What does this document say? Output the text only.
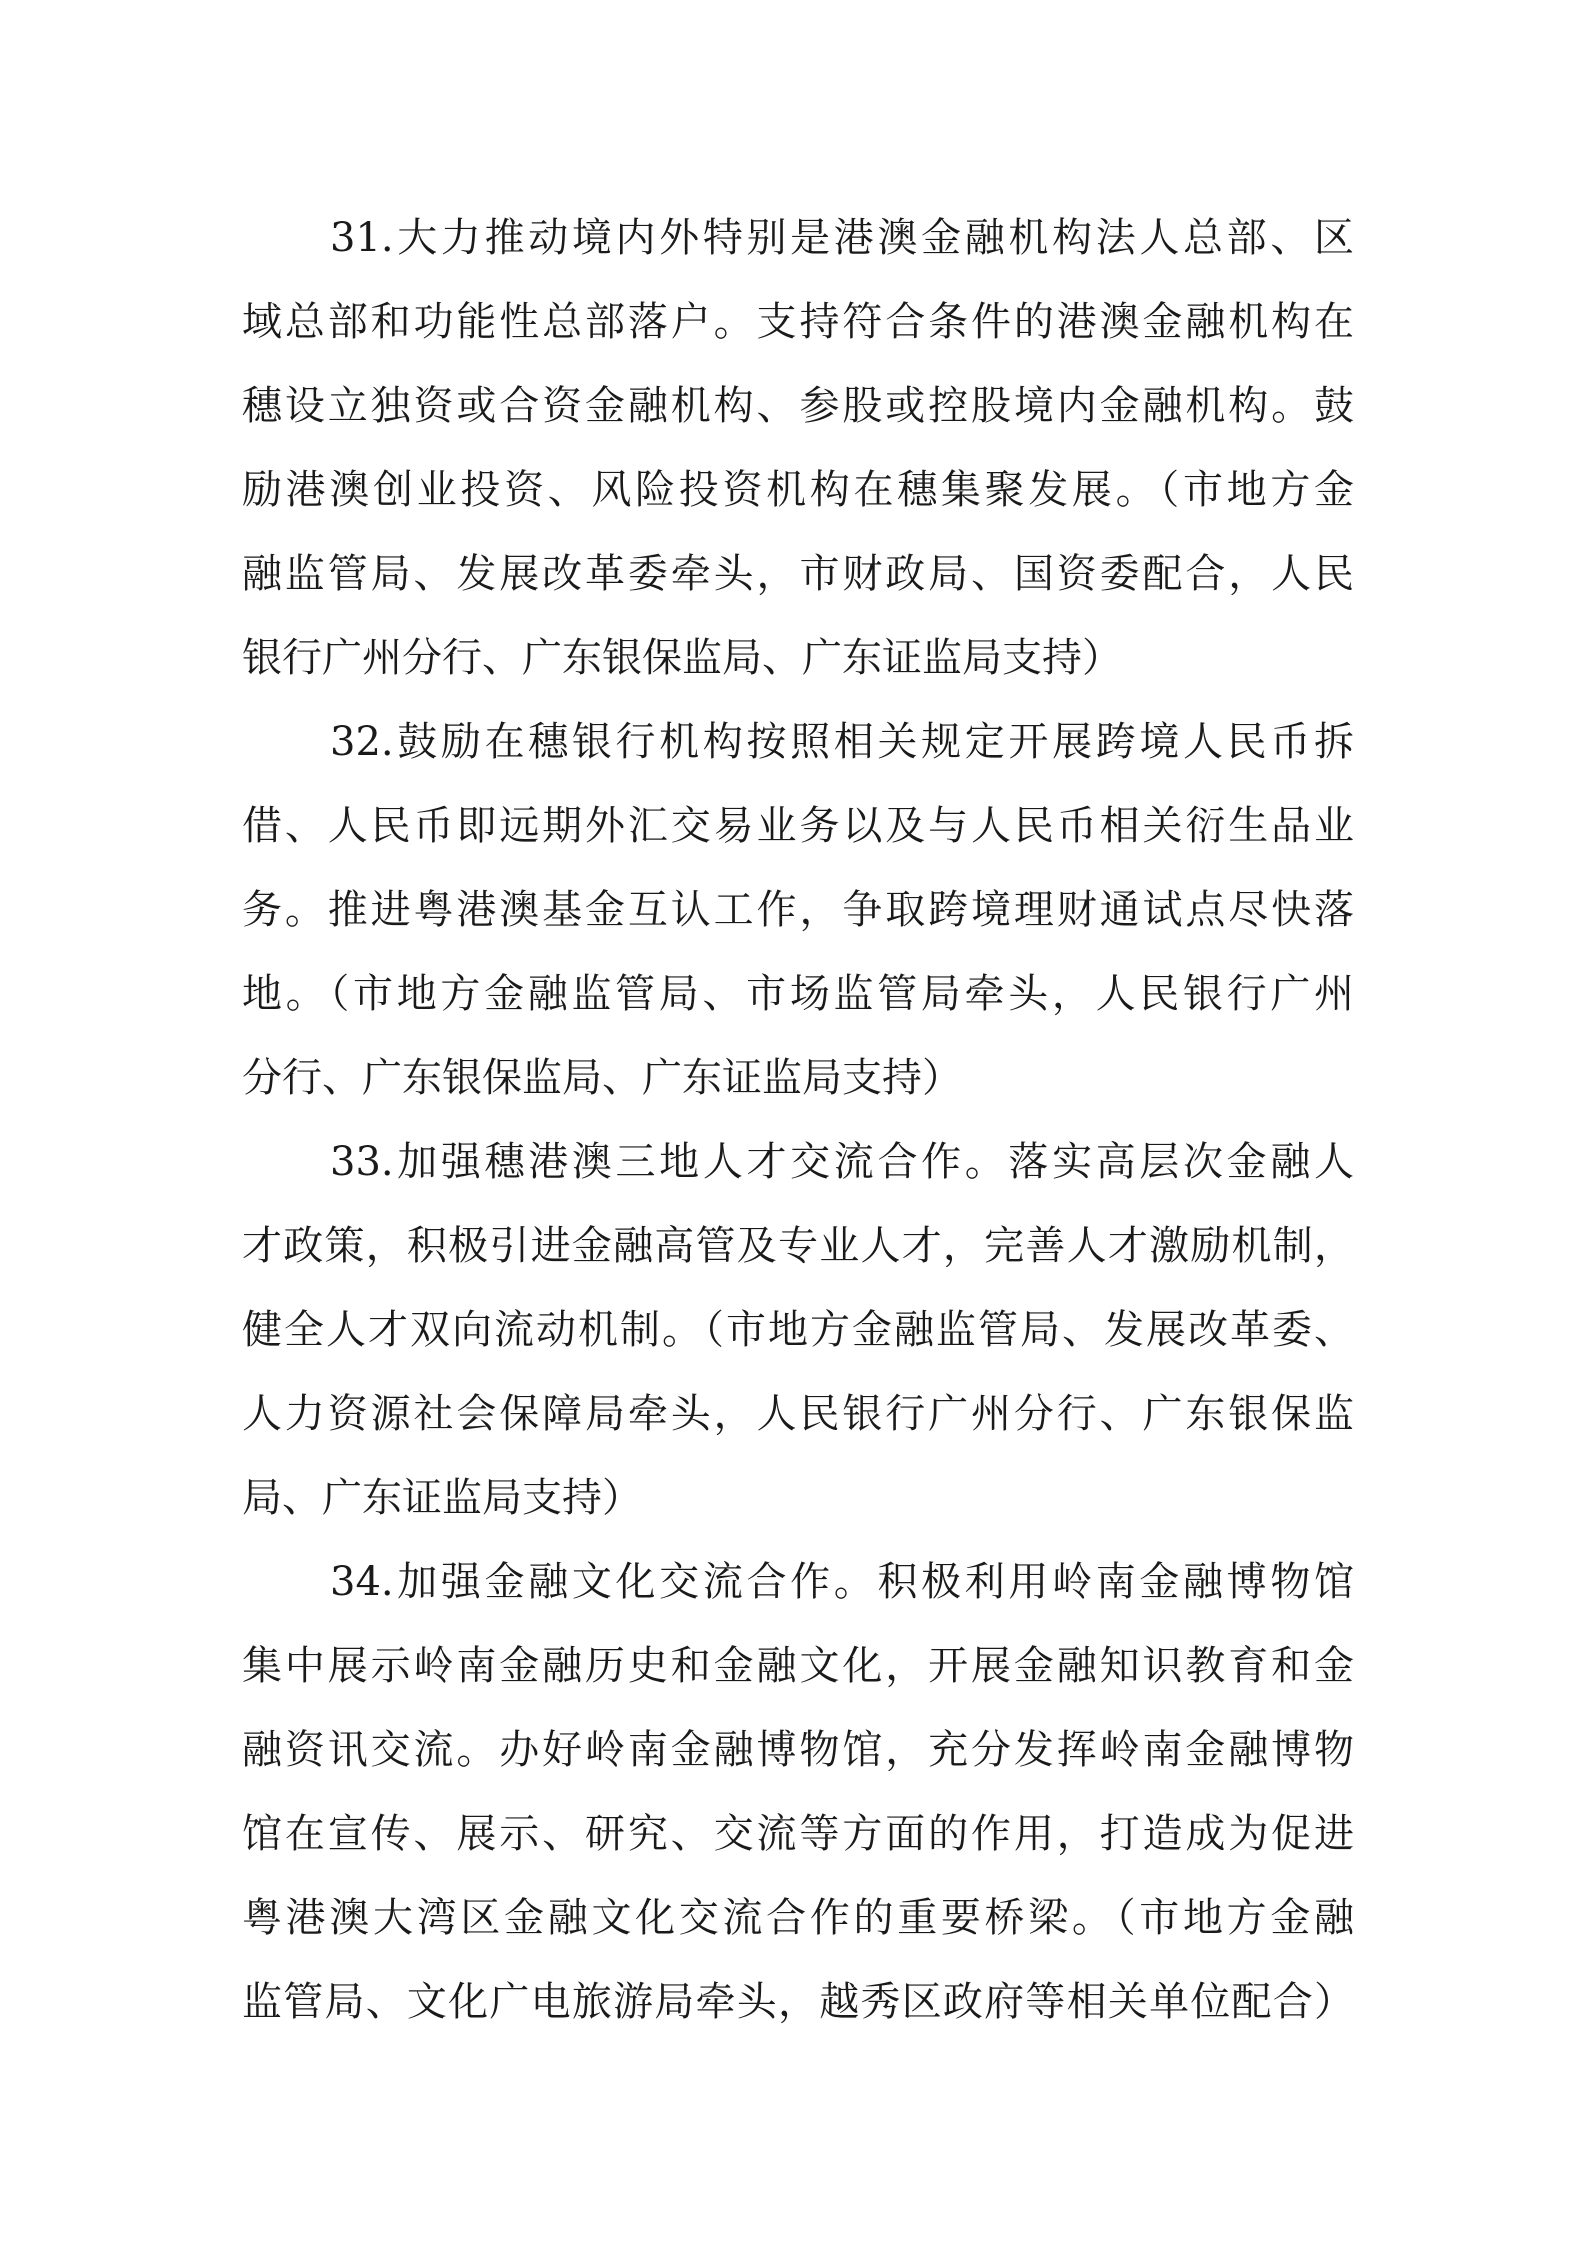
31.大力推动境内外特别是港澳金融机构法人总部、区
域总部和功能性总部落户。支持符合条件的港澳金融机构在
穗设立独资或合资金融机构、参股或控股境内金融机构。鼓
励港澳创业投资、风险投资机构在穗集聚发展。（市地方金
融监管局、发展改革委牵头，市财政局、国资委配合，人民
银行广州分行、广东银保监局、广东证监局支持）
32.鼓励在穗银行机构按照相关规定开展跨境人民币拆
借、人民币即远期外汇交易业务以及与人民币相关衍生品业
务。推进粤港澳基金互认工作，争取跨境理财通试点尽快落
地。（市地方金融监管局、市场监管局牵头，人民银行广州
分行、广东银保监局、广东证监局支持）
33.加强穗港澳三地人才交流合作。落实高层次金融人
才政策，积极引进金融高管及专业人才，完善人才激励机制，
健全人才双向流动机制。（市地方金融监管局、发展改革委、
人力资源社会保障局牵头，人民银行广州分行、广东银保监
局、广东证监局支持）
34.加强金融文化交流合作。积极利用岭南金融博物馆
集中展示岭南金融历史和金融文化，开展金融知识教育和金
融资讯交流。办好岭南金融博物馆，充分发挥岭南金融博物
馆在宣传、展示、研究、交流等方面的作用，打造成为促进
粤港澳大湾区金融文化交流合作的重要桥梁。（市地方金融
监管局、文化广电旅游局牵头，越秀区政府等相关单位配合）
